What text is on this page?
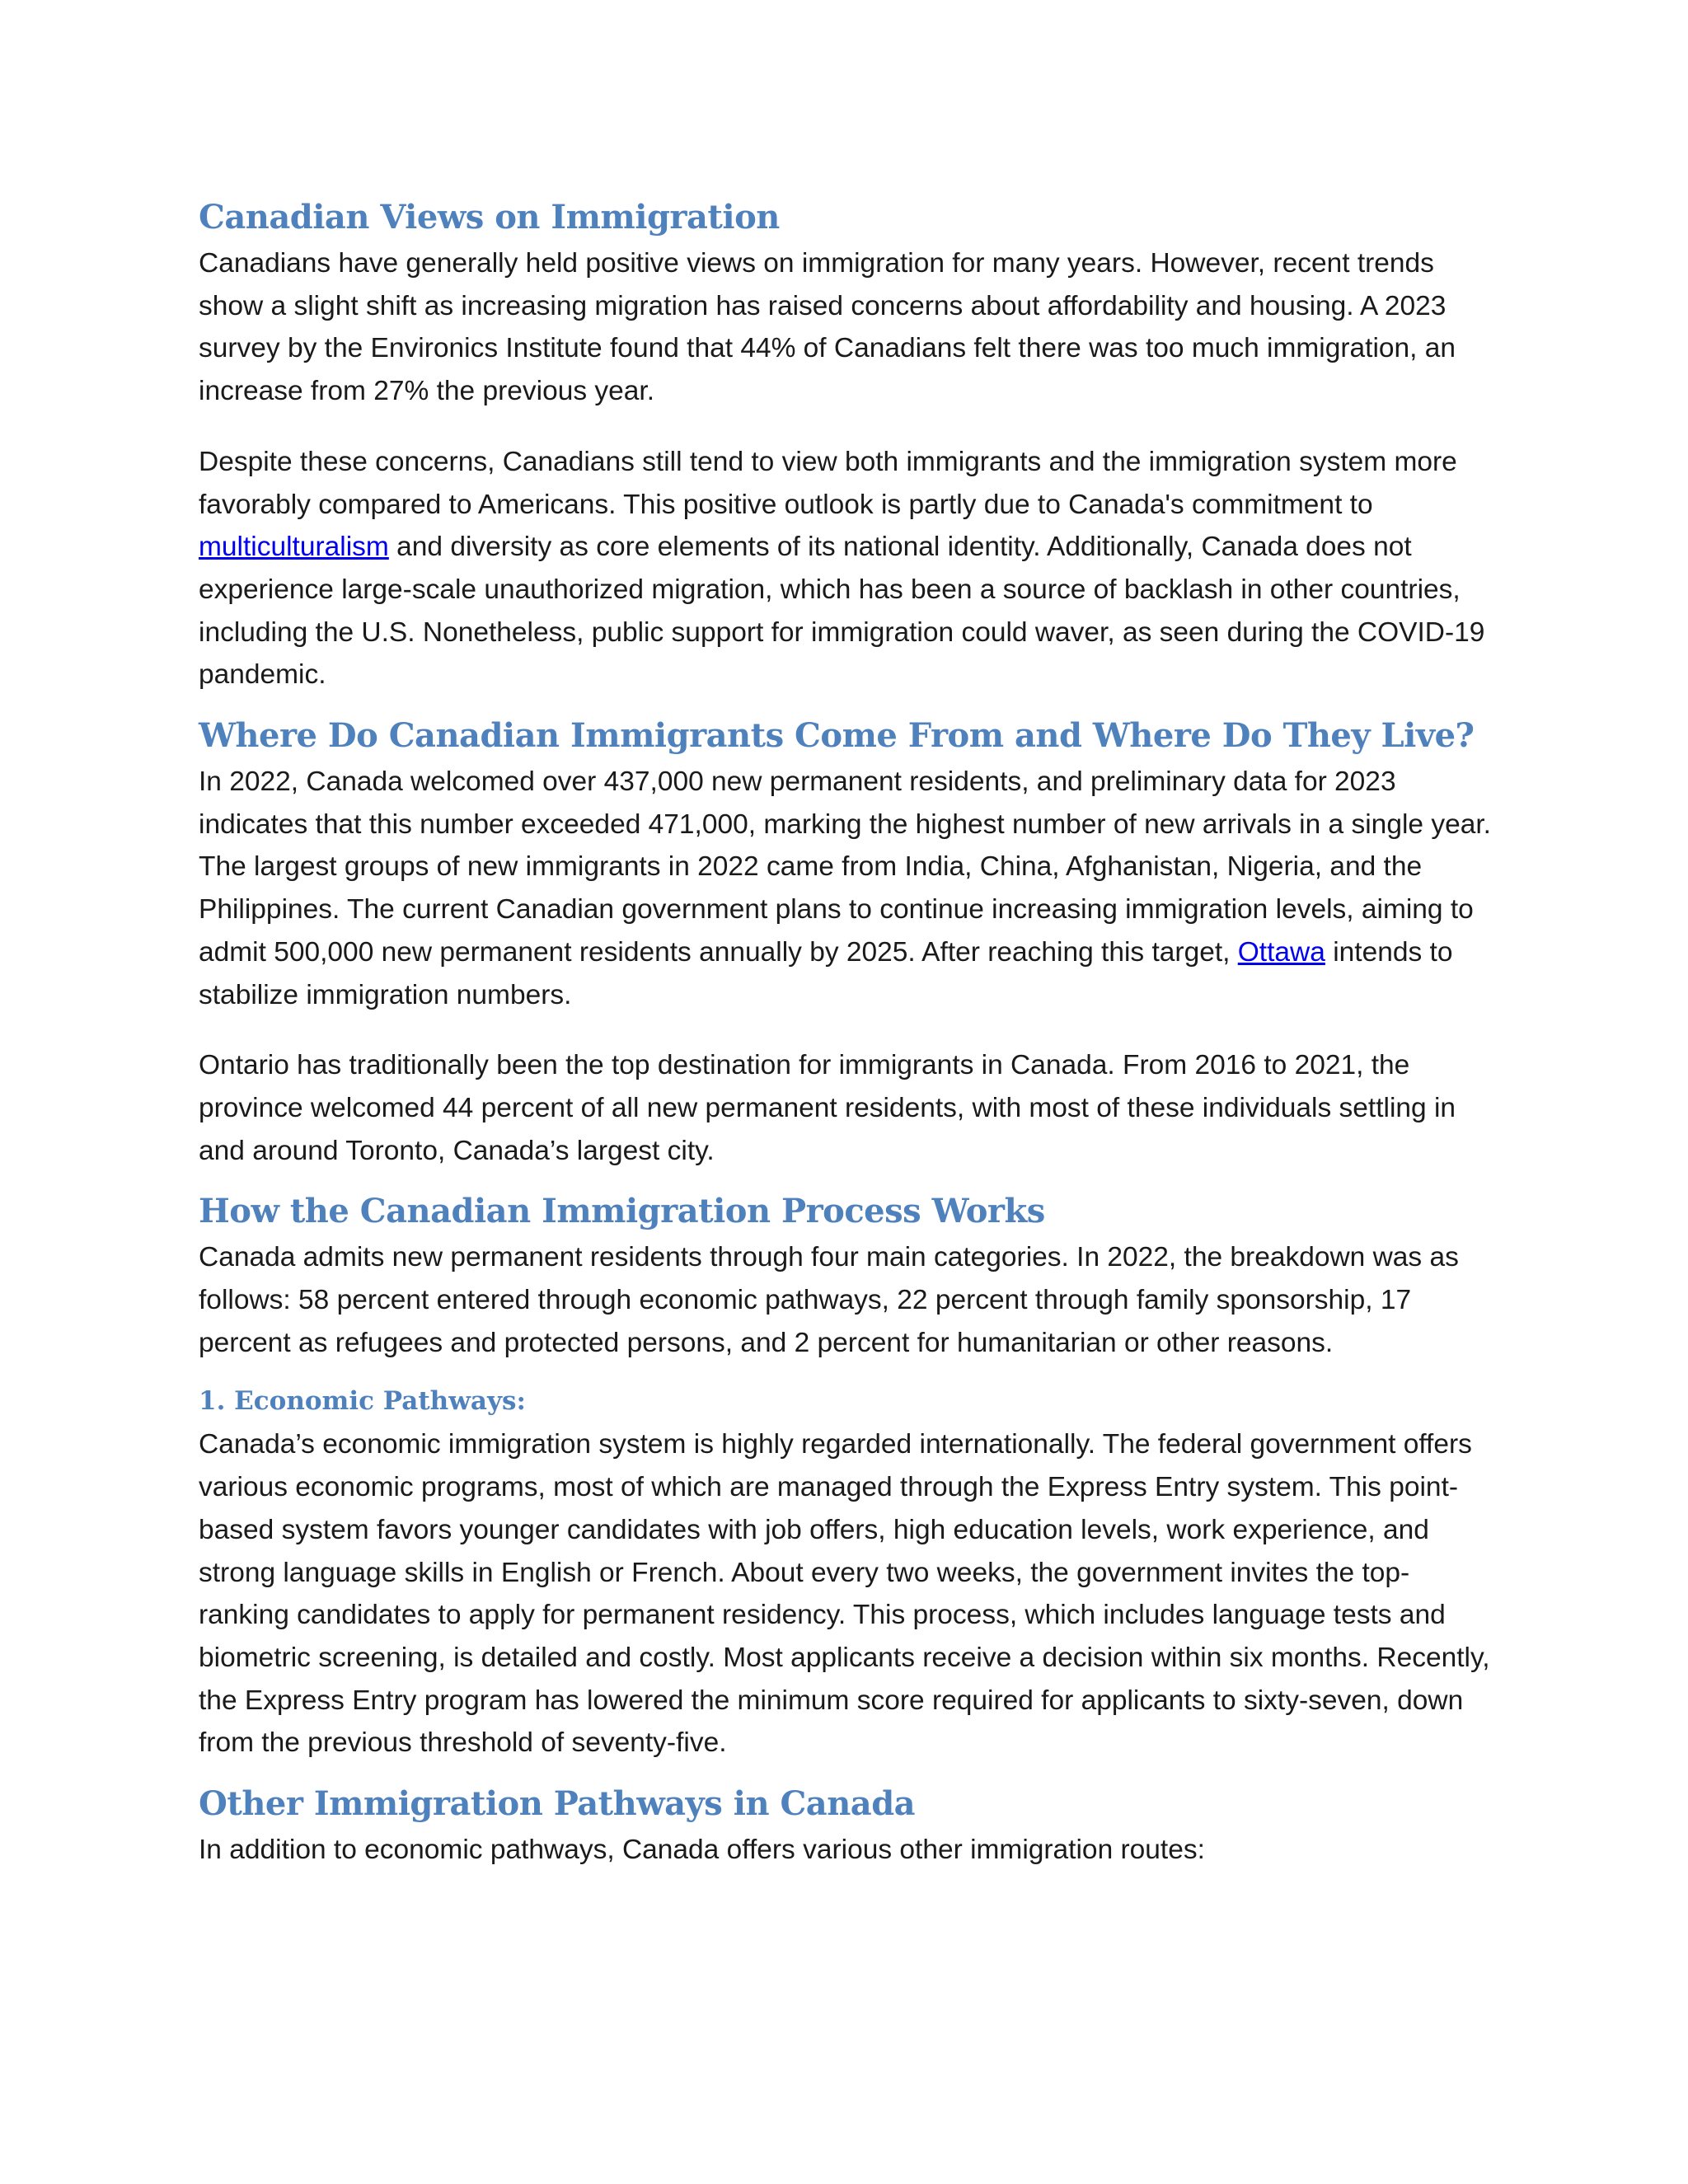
Canadian Views on Immigration

Canadians have generally held positive views on immigration for many years. However, recent trends show a slight shift as increasing migration has raised concerns about affordability and housing. A 2023 survey by the Environics Institute found that 44% of Canadians felt there was too much immigration, an increase from 27% the previous year.

Despite these concerns, Canadians still tend to view both immigrants and the immigration system more favorably compared to Americans. This positive outlook is partly due to Canada's commitment to multiculturalism and diversity as core elements of its national identity. Additionally, Canada does not experience large-scale unauthorized migration, which has been a source of backlash in other countries, including the U.S. Nonetheless, public support for immigration could waver, as seen during the COVID-19 pandemic.

Where Do Canadian Immigrants Come From and Where Do They Live?

In 2022, Canada welcomed over 437,000 new permanent residents, and preliminary data for 2023 indicates that this number exceeded 471,000, marking the highest number of new arrivals in a single year. The largest groups of new immigrants in 2022 came from India, China, Afghanistan, Nigeria, and the Philippines. The current Canadian government plans to continue increasing immigration levels, aiming to admit 500,000 new permanent residents annually by 2025. After reaching this target, Ottawa intends to stabilize immigration numbers.

Ontario has traditionally been the top destination for immigrants in Canada. From 2016 to 2021, the province welcomed 44 percent of all new permanent residents, with most of these individuals settling in and around Toronto, Canada’s largest city.

How the Canadian Immigration Process Works

Canada admits new permanent residents through four main categories. In 2022, the breakdown was as follows: 58 percent entered through economic pathways, 22 percent through family sponsorship, 17 percent as refugees and protected persons, and 2 percent for humanitarian or other reasons.

1. Economic Pathways:

Canada’s economic immigration system is highly regarded internationally. The federal government offers various economic programs, most of which are managed through the Express Entry system. This point-based system favors younger candidates with job offers, high education levels, work experience, and strong language skills in English or French. About every two weeks, the government invites the top-ranking candidates to apply for permanent residency. This process, which includes language tests and biometric screening, is detailed and costly. Most applicants receive a decision within six months. Recently, the Express Entry program has lowered the minimum score required for applicants to sixty-seven, down from the previous threshold of seventy-five.

Other Immigration Pathways in Canada

In addition to economic pathways, Canada offers various other immigration routes:
